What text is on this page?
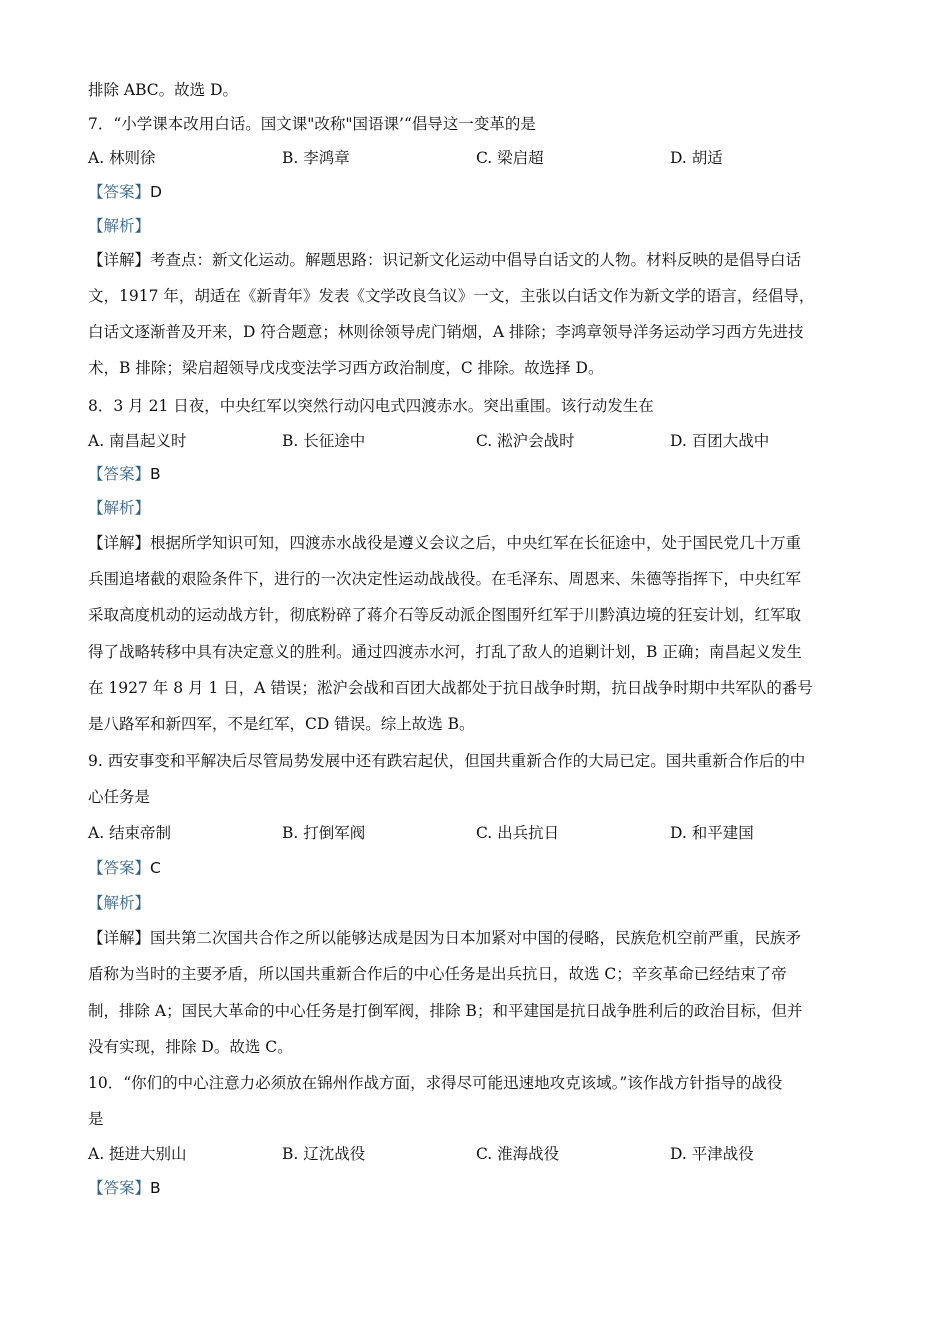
排除 ABC。故选 D。
7．“小学课本改用白话。国文课"改称"国语课’“倡导这一变革的是
A. 林则徐	B. 李鸿章	C. 梁启超	D. 胡适
【答案】D
【解析】
【详解】考查点：新文化运动。解题思路：识记新文化运动中倡导白话文的人物。材料反映的是倡导白话
文，1917 年，胡适在《新青年》发表《文学改良刍议》一文，主张以白话文作为新文学的语言，经倡导，
白话文逐渐普及开来，D 符合题意；林则徐领导虎门销烟，A 排除；李鸿章领导洋务运动学习西方先进技
术，B 排除；梁启超领导戊戌变法学习西方政治制度，C 排除。故选择 D。
8．3 月 21 日夜，中央红军以突然行动闪电式四渡赤水。突出重围。该行动发生在
A. 南昌起义时	B. 长征途中	C. 淞沪会战时	D. 百团大战中
【答案】B
【解析】
【详解】根据所学知识可知，四渡赤水战役是遵义会议之后，中央红军在长征途中，处于国民党几十万重
兵围追堵截的艰险条件下，进行的一次决定性运动战战役。在毛泽东、周恩来、朱德等指挥下，中央红军
采取高度机动的运动战方针，彻底粉碎了蒋介石等反动派企图围歼红军于川黔滇边境的狂妄计划，红军取
得了战略转移中具有决定意义的胜利。通过四渡赤水河，打乱了敌人的追剿计划，B 正确；南昌起义发生
在 1927 年 8 月 1 日，A 错误；淞沪会战和百团大战都处于抗日战争时期，抗日战争时期中共军队的番号
是八路军和新四军，不是红军，CD 错误。综上故选 B。
9. 西安事变和平解决后尽管局势发展中还有跌宕起伏，但国共重新合作的大局已定。国共重新合作后的中
心任务是
A. 结束帝制	B. 打倒军阀	C. 出兵抗日	D. 和平建国
【答案】C
【解析】
【详解】国共第二次国共合作之所以能够达成是因为日本加紧对中国的侵略，民族危机空前严重，民族矛
盾称为当时的主要矛盾，所以国共重新合作后的中心任务是出兵抗日，故选 C；辛亥革命已经结束了帝
制，排除 A；国民大革命的中心任务是打倒军阀，排除 B；和平建国是抗日战争胜利后的政治目标，但并
没有实现，排除 D。故选 C。
10．“你们的中心注意力必须放在锦州作战方面，求得尽可能迅速地攻克该域。”该作战方针指导的战役
是
A. 挺进大别山	B. 辽沈战役	C. 淮海战役	D. 平津战役
【答案】B
